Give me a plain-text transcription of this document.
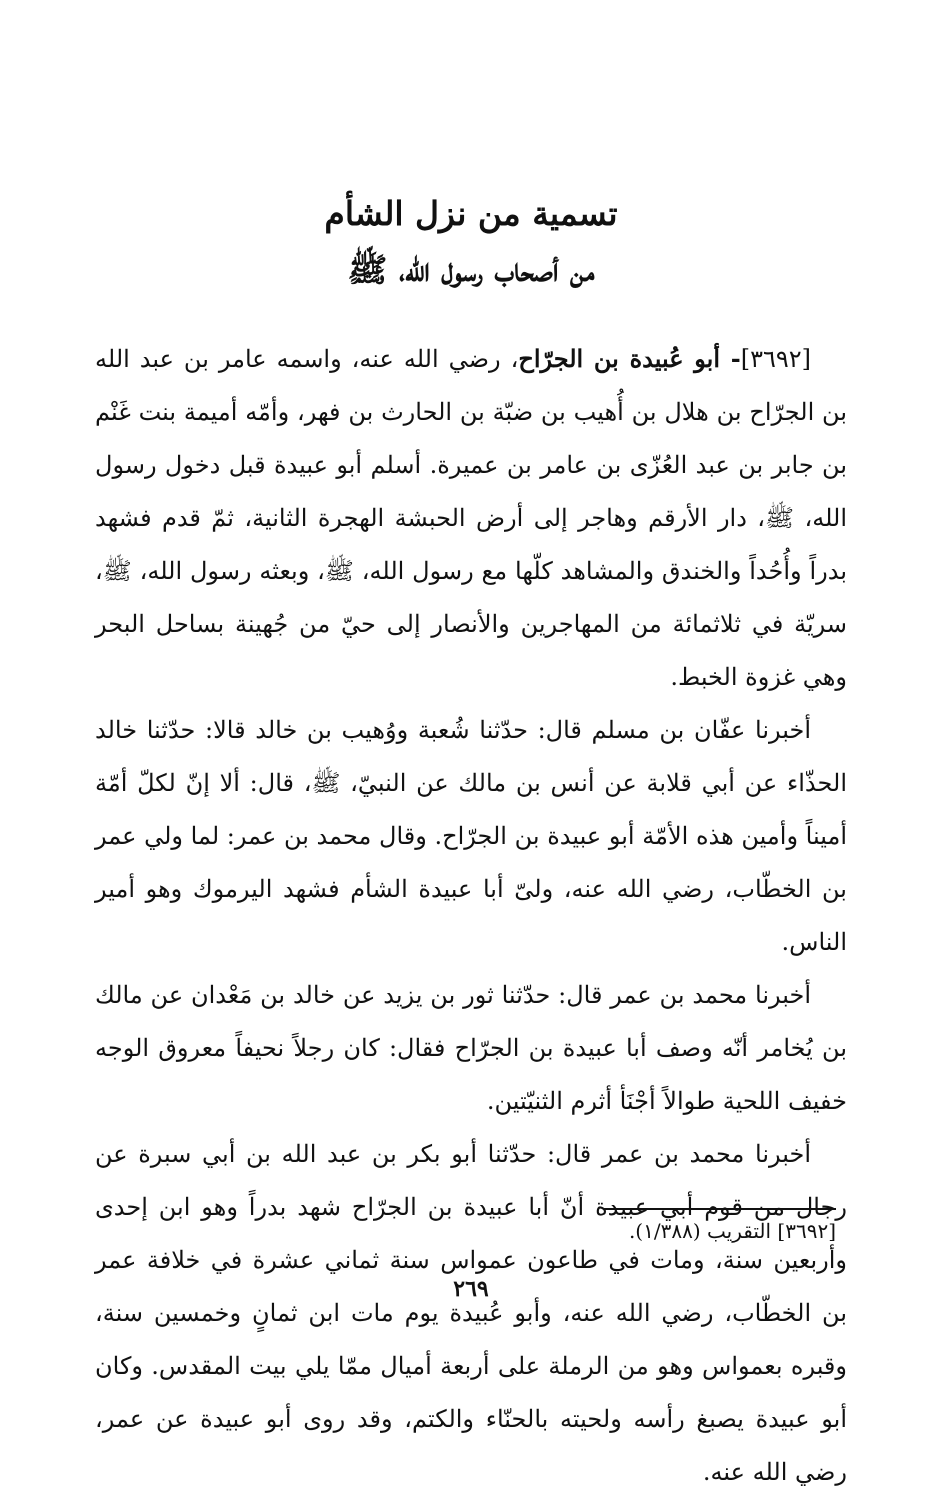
تسمية من نزل الشأم
من أصحاب رسول الله، ﷺ

[٣٦٩٢]- أبو عُبيدة بن الجرّاح، رضي الله عنه، واسمه عامر بن عبد الله بن الجرّاح بن هلال بن أُهيب بن ضبّة بن الحارث بن فهر، وأمّه أميمة بنت غَنْم بن جابر بن عبد العُزّى بن عامر بن عميرة. أسلم أبو عبيدة قبل دخول رسول الله، ﷺ، دار الأرقم وهاجر إلى أرض الحبشة الهجرة الثانية، ثمّ قدم فشهد بدراً وأُحُداً والخندق والمشاهد كلّها مع رسول الله، ﷺ، وبعثه رسول الله، ﷺ، سريّة في ثلاثمائة من المهاجرين والأنصار إلى حيّ من جُهينة بساحل البحر وهي غزوة الخبط.

أخبرنا عفّان بن مسلم قال: حدّثنا شُعبة ووُهيب بن خالد قالا: حدّثنا خالد الحذّاء عن أبي قلابة عن أنس بن مالك عن النبيّ، ﷺ، قال: ألا إنّ لكلّ أمّة أميناً وأمين هذه الأمّة أبو عبيدة بن الجرّاح. وقال محمد بن عمر: لما ولي عمر بن الخطّاب، رضي الله عنه، ولىّ أبا عبيدة الشأم فشهد اليرموك وهو أمير الناس.

أخبرنا محمد بن عمر قال: حدّثنا ثور بن يزيد عن خالد بن مَعْدان عن مالك بن يُخامر أنّه وصف أبا عبيدة بن الجرّاح فقال: كان رجلاً نحيفاً معروق الوجه خفيف اللحية طوالاً أجْنَأ أثرم الثنيّتين.

أخبرنا محمد بن عمر قال: حدّثنا أبو بكر بن عبد الله بن أبي سبرة عن رجال من قوم أبي عبيدة أنّ أبا عبيدة بن الجرّاح شهد بدراً وهو ابن إحدى وأربعين سنة، ومات في طاعون عمواس سنة ثماني عشرة في خلافة عمر بن الخطّاب، رضي الله عنه، وأبو عُبيدة يوم مات ابن ثمانٍ وخمسين سنة، وقبره بعمواس وهو من الرملة على أربعة أميال ممّا يلي بيت المقدس. وكان أبو عبيدة يصبغ رأسه ولحيته بالحنّاء والكتم، وقد روى أبو عبيدة عن عمر، رضي الله عنه.

[٣٦٩٢] التقريب (١/٣٨٨).
٢٦٩
